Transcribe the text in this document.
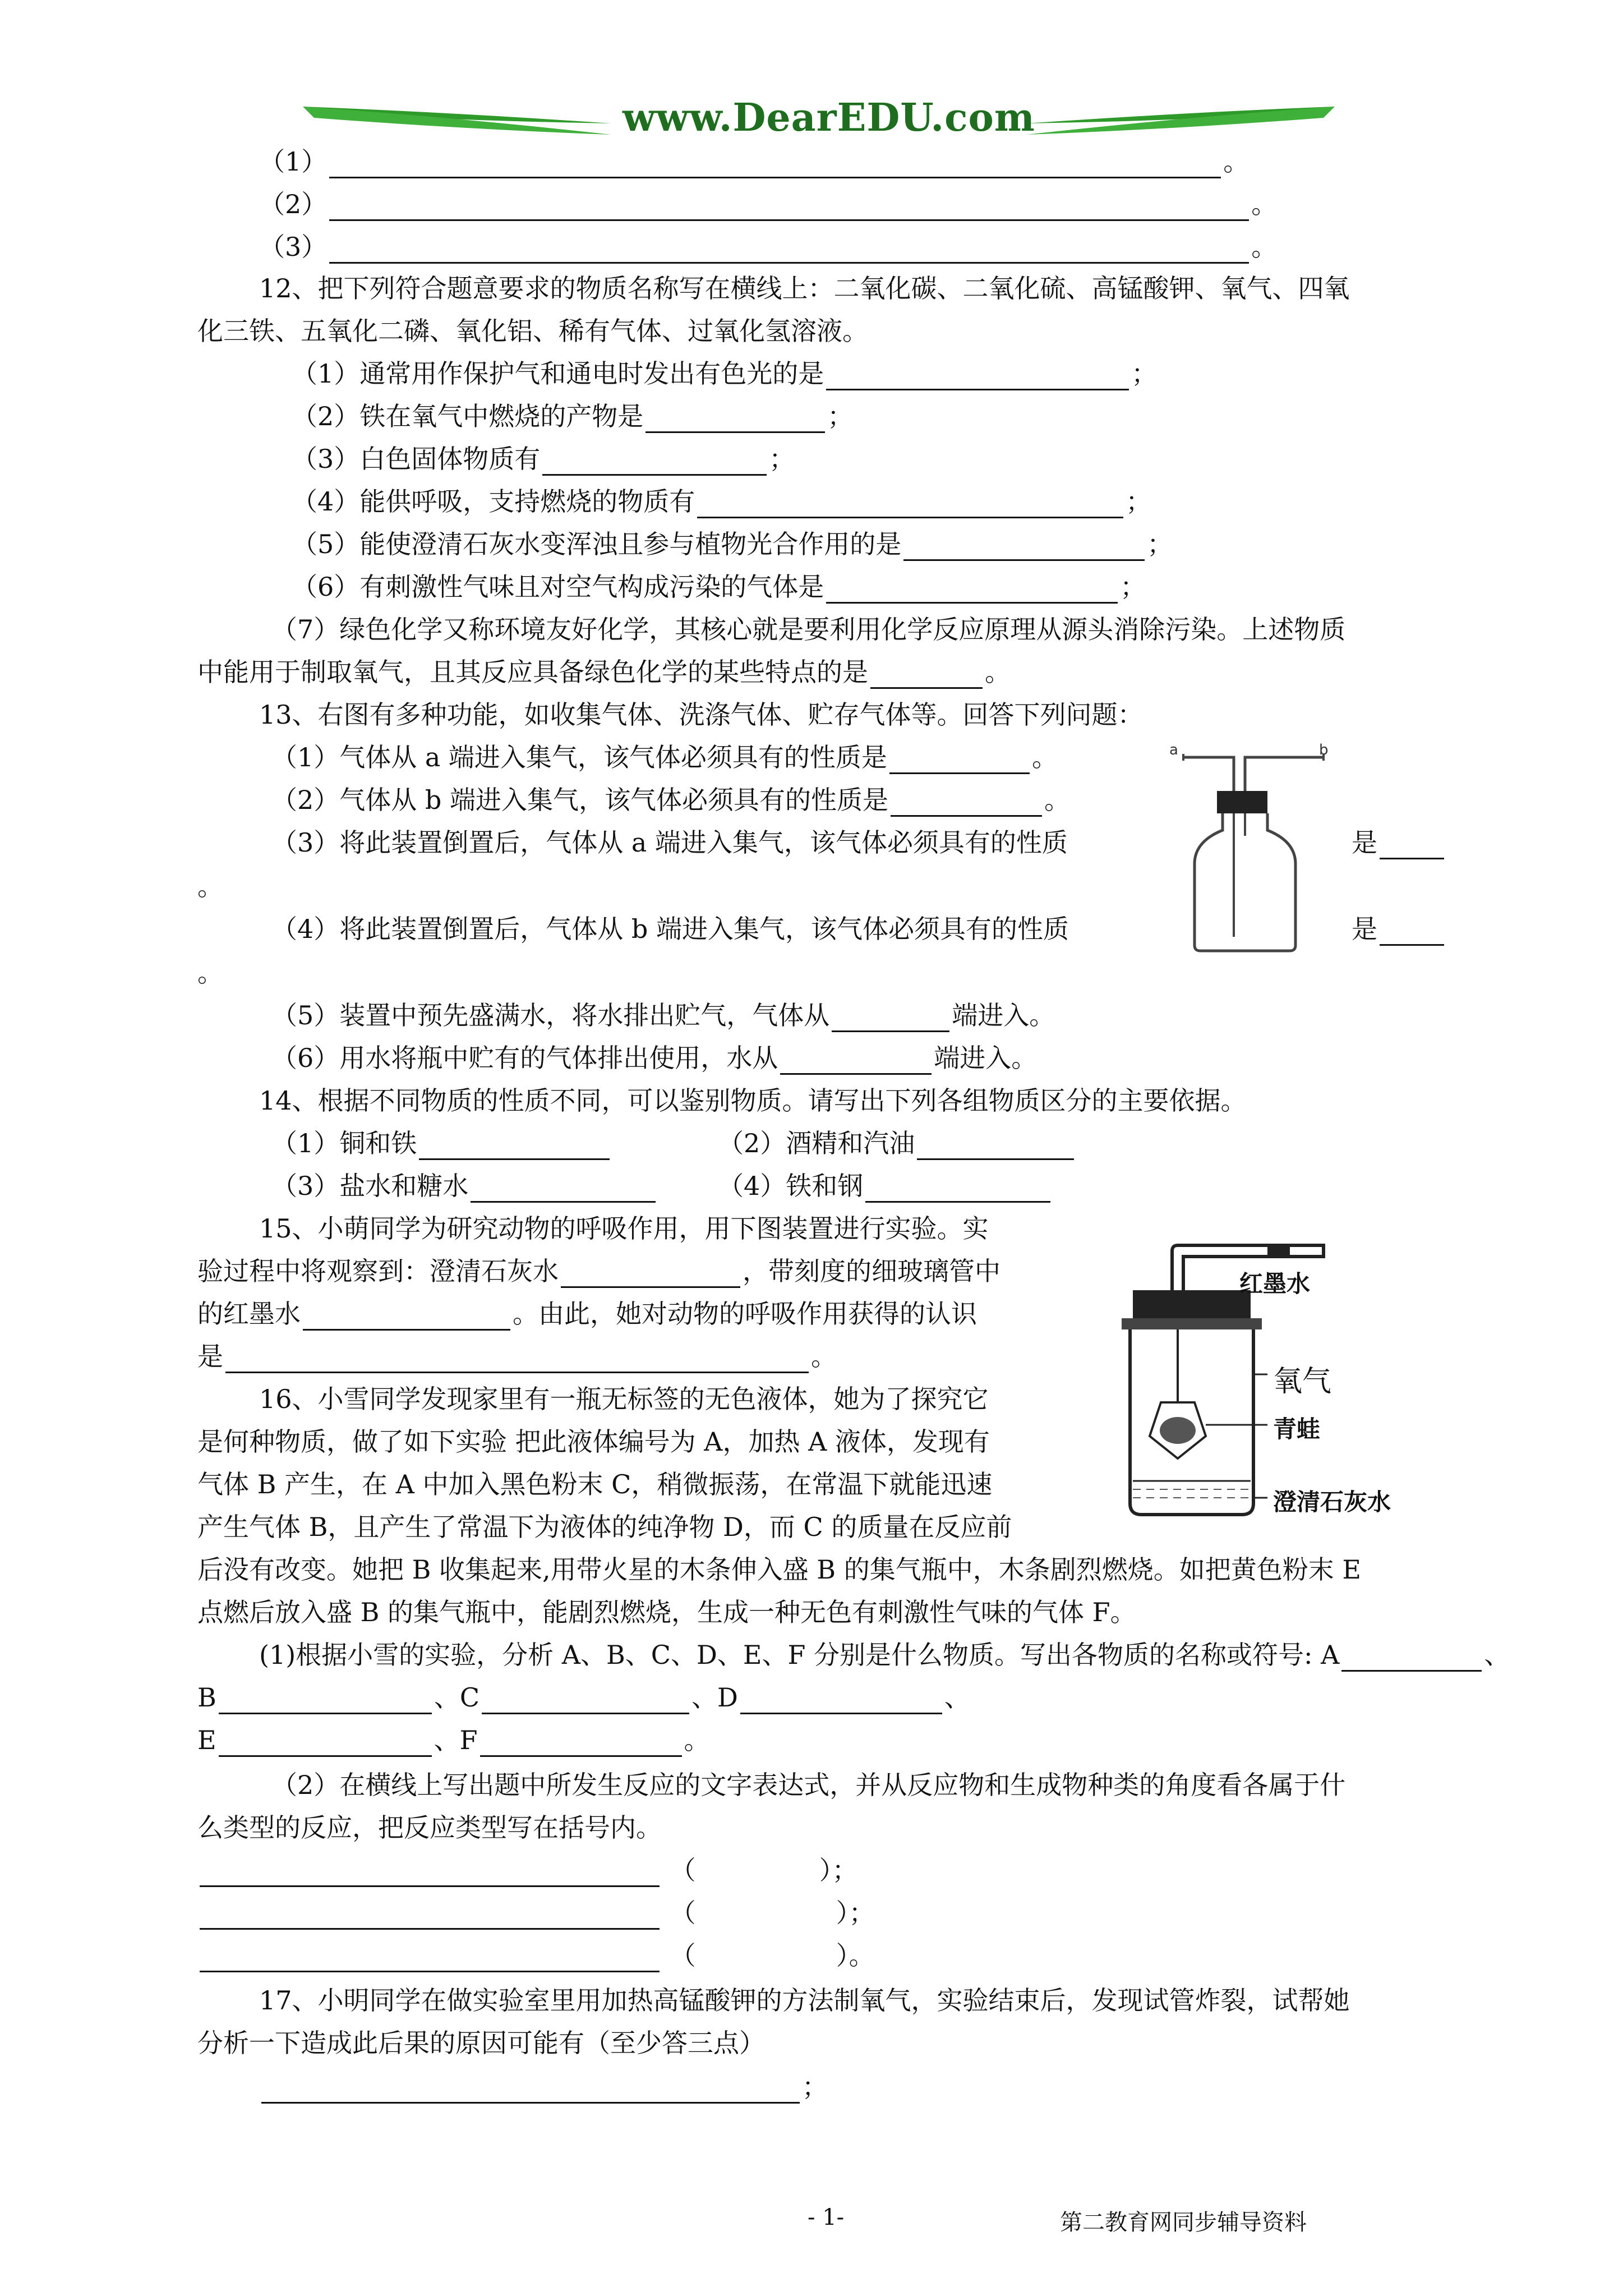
www.DearEDU.com
（1）	。
（2）	。
（3）	。
12、把下列符合题意要求的物质名称写在横线上：二氧化碳、二氧化硫、高锰酸钾、氧气、四氧
化三铁、五氧化二磷、氧化铝、稀有气体、过氧化氢溶液。
（1）通常用作保护气和通电时发出有色光的是	；
（2）铁在氧气中燃烧的产物是	；
（3）白色固体物质有	；
（4）能供呼吸，支持燃烧的物质有	；
（5）能使澄清石灰水变浑浊且参与植物光合作用的是	；
（6）有刺激性气味且对空气构成污染的气体是	；
（7）绿色化学又称环境友好化学，其核心就是要利用化学反应原理从源头消除污染。上述物质
中能用于制取氧气，且其反应具备绿色化学的某些特点的是	。
13、右图有多种功能，如收集气体、洗涤气体、贮存气体等。回答下列问题：
（1）气体从 a 端进入集气，该气体必须具有的性质是	。
（2）气体从 b 端进入集气，该气体必须具有的性质是	。
（3）将此装置倒置后，气体从 a 端进入集气，该气体必须具有的性质	是
。
（4）将此装置倒置后，气体从 b 端进入集气，该气体必须具有的性质	是
。
（5）装置中预先盛满水，将水排出贮气，气体从	端进入。
（6）用水将瓶中贮有的气体排出使用，水从	端进入。
a	b
14、根据不同物质的性质不同，可以鉴别物质。请写出下列各组物质区分的主要依据。
（1）铜和铁	（2）酒精和汽油
（3）盐水和糖水	（4）铁和钢
15、小萌同学为研究动物的呼吸作用，用下图装置进行实验。实
验过程中将观察到：澄清石灰水	，带刻度的细玻璃管中
的红墨水	。由此，她对动物的呼吸作用获得的认识
是	。
红墨水
氧气
青蛙
澄清石灰水
16、小雪同学发现家里有一瓶无标签的无色液体，她为了探究它
是何种物质，做了如下实验 把此液体编号为 A，加热 A 液体，发现有
气体 B 产生，在 A 中加入黑色粉末 C，稍微振荡，在常温下就能迅速
产生气体 B，且产生了常温下为液体的纯净物 D，而 C 的质量在反应前
后没有改变。她把 B 收集起来,用带火星的木条伸入盛 B 的集气瓶中，木条剧烈燃烧。如把黄色粉末 E
点燃后放入盛 B 的集气瓶中，能剧烈燃烧，生成一种无色有刺激性气味的气体 F。
(1)根据小雪的实验，分析 A、B、C、D、E、F 分别是什么物质。写出各物质的名称或符号: A	、
B	、C	、D	、
E	、F	。
（2）在横线上写出题中所发生反应的文字表达式，并从反应物和生成物种类的角度看各属于什
么类型的反应，把反应类型写在括号内。
（	）；
（	）；
（	）。
17、小明同学在做实验室里用加热高锰酸钾的方法制氧气，实验结束后，发现试管炸裂，试帮她
分析一下造成此后果的原因可能有（至少答三点）
；
- 1-	第二教育网同步辅导资料
